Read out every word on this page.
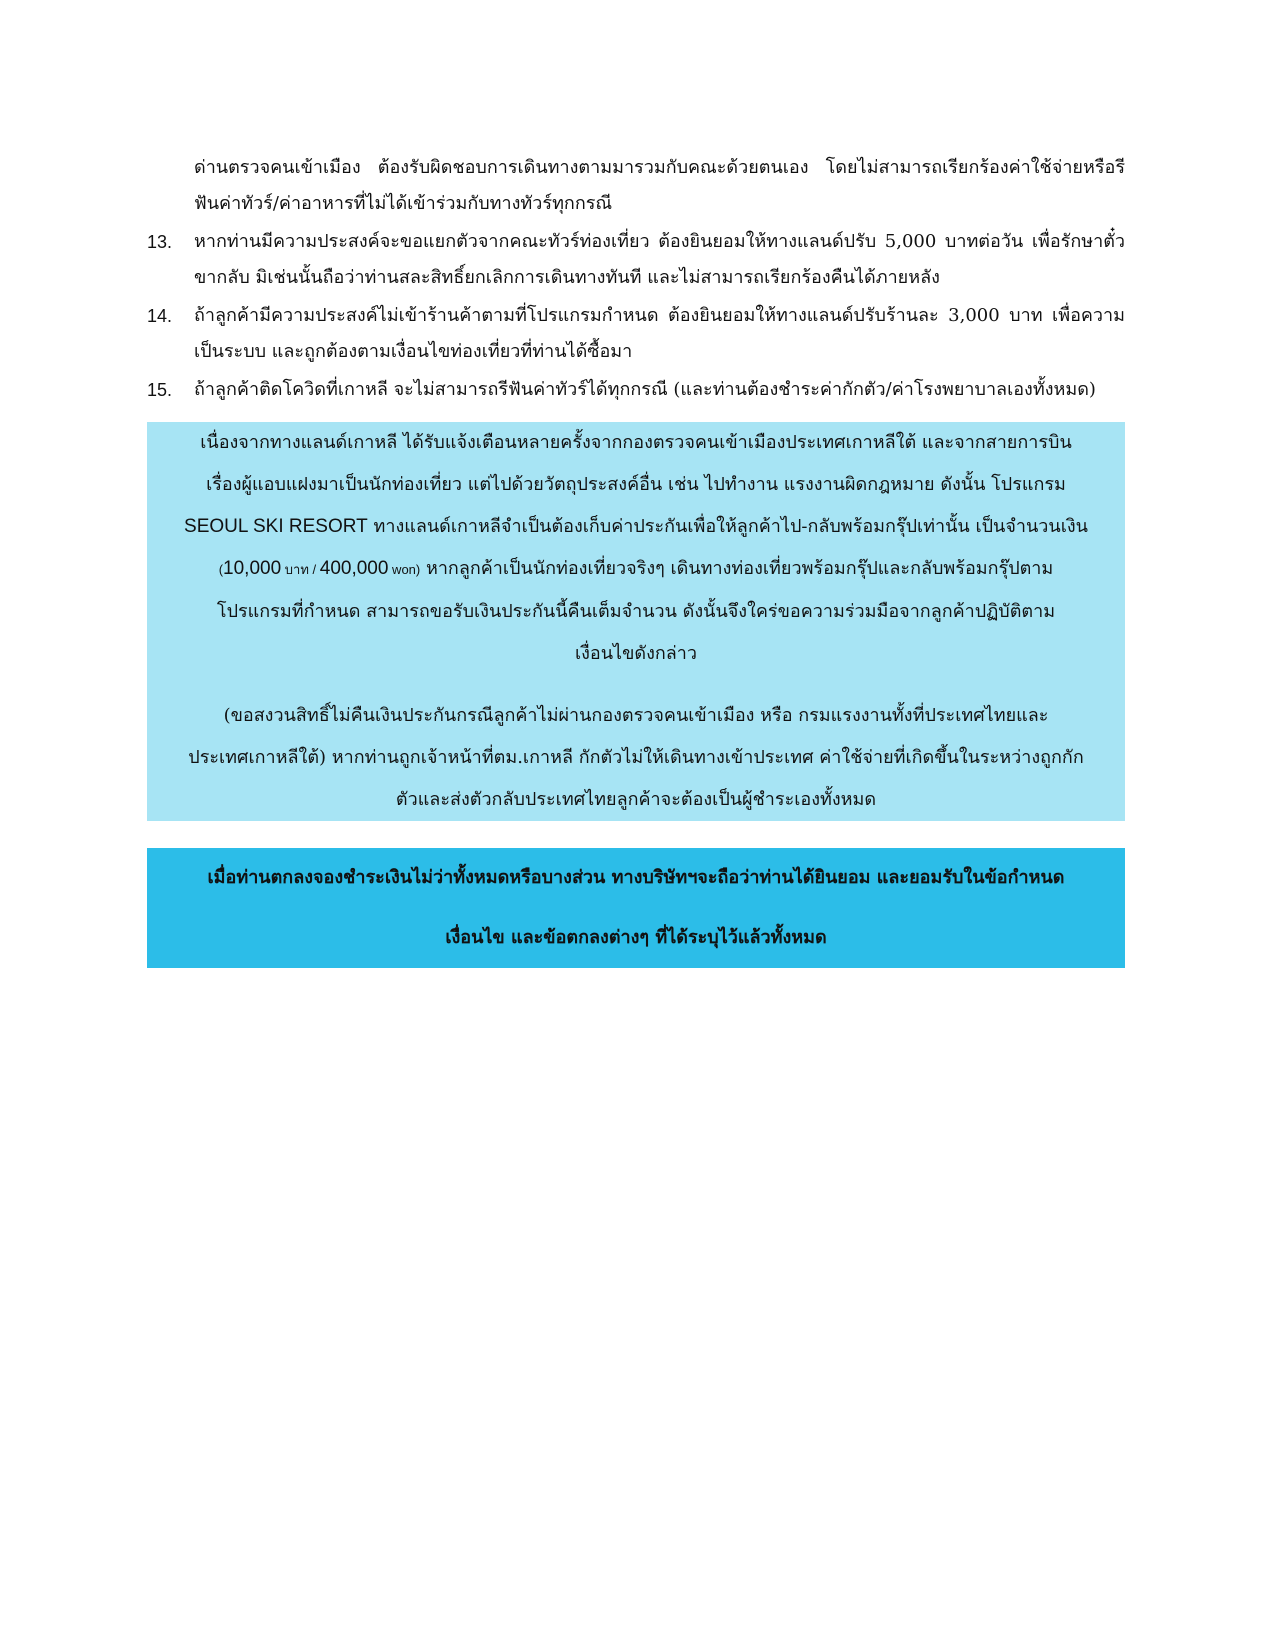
ด่านตรวจคนเข้าเมือง ต้องรับผิดชอบการเดินทางตามมารวมกับคณะด้วยตนเอง โดยไม่สามารถเรียกร้องค่าใช้จ่ายหรือรีฟันค่าทัวร์/ค่าอาหารที่ไม่ได้เข้าร่วมกับทางทัวร์ทุกกรณี
13.	หากท่านมีความประสงค์จะขอแยกตัวจากคณะทัวร์ท่องเที่ยว ต้องยินยอมให้ทางแลนด์ปรับ 5,000 บาทต่อวัน เพื่อรักษาตั๋วขากลับ มิเช่นนั้นถือว่าท่านสละสิทธิ์ยกเลิกการเดินทางทันที และไม่สามารถเรียกร้องคืนได้ภายหลัง
14.	ถ้าลูกค้ามีความประสงค์ไม่เข้าร้านค้าตามที่โปรแกรมกำหนด ต้องยินยอมให้ทางแลนด์ปรับร้านละ 3,000 บาท เพื่อความเป็นระบบ และถูกต้องตามเงื่อนไขท่องเที่ยวที่ท่านได้ซื้อมา
15.	ถ้าลูกค้าติดโควิดที่เกาหลี จะไม่สามารถรีฟันค่าทัวร์ได้ทุกกรณี (และท่านต้องชำระค่ากักตัว/ค่าโรงพยาบาลเองทั้งหมด)

เนื่องจากทางแลนด์เกาหลี ได้รับแจ้งเตือนหลายครั้งจากกองตรวจคนเข้าเมืองประเทศเกาหลีใต้ และจากสายการบิน

เรื่องผู้แอบแฝงมาเป็นนักท่องเที่ยว แต่ไปด้วยวัตถุประสงค์อื่น เช่น ไปทำงาน แรงงานผิดกฎหมาย ดังนั้น โปรแกรม

SEOUL SKI RESORT ทางแลนด์เกาหลีจำเป็นต้องเก็บค่าประกันเพื่อให้ลูกค้าไป-กลับพร้อมกรุ๊ปเท่านั้น เป็นจำนวนเงิน

(10,000 บาท / 400,000 won) หากลูกค้าเป็นนักท่องเที่ยวจริงๆ เดินทางท่องเที่ยวพร้อมกรุ๊ปและกลับพร้อมกรุ๊ปตาม

โปรแกรมที่กำหนด สามารถขอรับเงินประกันนี้คืนเต็มจำนวน ดังนั้นจึงใคร่ขอความร่วมมือจากลูกค้าปฏิบัติตาม

เงื่อนไขดังกล่าว

(ขอสงวนสิทธิ์ไม่คืนเงินประกันกรณีลูกค้าไม่ผ่านกองตรวจคนเข้าเมือง หรือ กรมแรงงานทั้งที่ประเทศไทยและ

ประเทศเกาหลีใต้) หากท่านถูกเจ้าหน้าที่ตม.เกาหลี กักตัวไม่ให้เดินทางเข้าประเทศ ค่าใช้จ่ายที่เกิดขึ้นในระหว่างถูกกัก

ตัวและส่งตัวกลับประเทศไทยลูกค้าจะต้องเป็นผู้ชำระเองทั้งหมด

เมื่อท่านตกลงจองชำระเงินไม่ว่าทั้งหมดหรือบางส่วน ทางบริษัทฯจะถือว่าท่านได้ยินยอม และยอมรับในข้อกำหนด

เงื่อนไข และข้อตกลงต่างๆ ที่ได้ระบุไว้แล้วทั้งหมด
